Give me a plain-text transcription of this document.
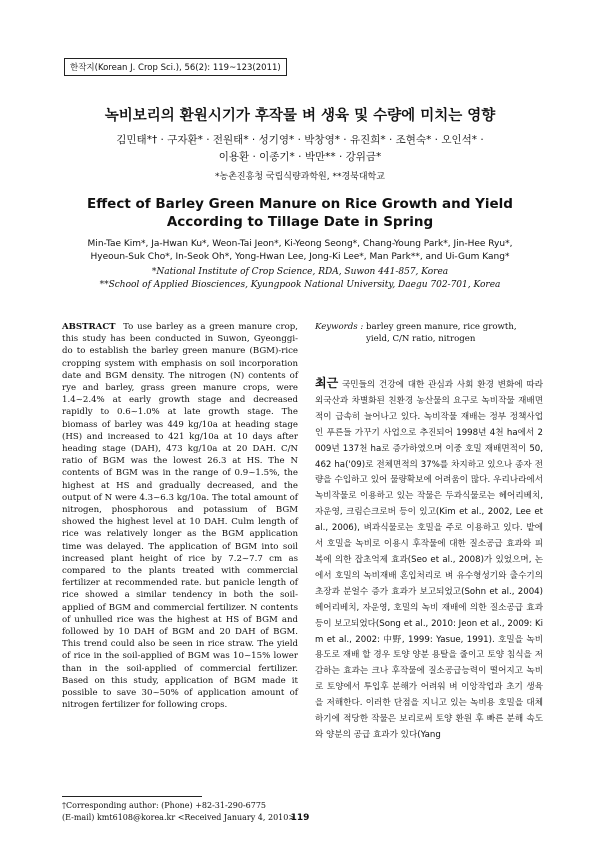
한작지(Korean J. Crop Sci.), 56(2): 119~123(2011)
녹비보리의 환원시기가 후작물 벼 생육 및 수량에 미치는 영향
김민태*† · 구자환* · 전원태* · 성기영* · 박창영* · 유진희* · 조현숙* · 오인석* ·
이용환 · 이종기* · 박만** · 강위금*
*농촌진흥청 국립식량과학원, **경북대학교
Effect of Barley Green Manure on Rice Growth and Yield
According to Tillage Date in Spring
Min-Tae Kim*, Ja-Hwan Ku*, Weon-Tai Jeon*, Ki-Yeong Seong*, Chang-Young Park*, Jin-Hee Ryu*,
Hyeoun-Suk Cho*, In-Seok Oh*, Yong-Hwan Lee, Jong-Ki Lee*, Man Park**, and Ui-Gum Kang*
*National Institute of Crop Science, RDA, Suwon 441-857, Korea
**School of Applied Biosciences, Kyungpook National University, Daegu 702-701, Korea
ABSTRACT To use barley as a green manure crop, this study has been conducted in Suwon, Gyeonggi-do to establish the barley green manure (BGM)-rice cropping system with emphasis on soil incorporation date and BGM density. The nitrogen (N) contents of rye and barley, grass green manure crops, were 1.4~2.4% at early growth stage and decreased rapidly to 0.6~1.0% at late growth stage. The biomass of barley was 449 kg/10a at heading stage (HS) and increased to 421 kg/10a at 10 days after heading stage (DAH), 473 kg/10a at 20 DAH. C/N ratio of BGM was the lowest 26.3 at HS. The N contents of BGM was in the range of 0.9~1.5%, the highest at HS and gradually decreased, and the output of N were 4.3~6.3 kg/10a. The total amount of nitrogen, phosphorous and potassium of BGM showed the highest level at 10 DAH. Culm length of rice was relatively longer as the BGM application time was delayed. The application of BGM into soil increased plant height of rice by 7.2~7.7 cm as compared to the plants treated with commercial fertilizer at recommended rate. but panicle length of rice showed a similar tendency in both the soil-applied of BGM and commercial fertilizer. N contents of unhulled rice was the highest at HS of BGM and followed by 10 DAH of BGM and 20 DAH of BGM. This trend could also be seen in rice straw. The yield of rice in the soil-applied of BGM was 10~15% lower than in the soil-applied of commercial fertilizer. Based on this study, application of BGM made it possible to save 30~50% of application amount of nitrogen fertilizer for following crops.
Keywords : barley green manure, rice growth, yield, C/N ratio, nitrogen
최근 국민들의 건강에 대한 관심과 사회 환경 변화에 따라 외국산과 차별화된 친환경 농산물의 요구로 녹비작물 재배면적이 급속히 늘어나고 있다. 녹비작물 재배는 정부 정책사업인 푸른들 가꾸기 사업으로 추진되어 1998년 4천 ha에서 2009년 137천 ha로 증가하였으며 이중 호밀 재배면적이 50,462 ha('09)로 전체면적의 37%를 차지하고 있으나 종자 전량을 수입하고 있어 물량확보에 어려움이 많다. 우리나라에서 녹비작물로 이용하고 있는 작물은 두과식물로는 헤어리베치, 자운영, 크림슨크로버 등이 있고(Kim et al., 2002, Lee et al., 2006), 벼과식물로는 호밀을 주로 이용하고 있다. 밭에서 호밀을 녹비로 이용시 후작물에 대한 질소공급 효과와 피복에 의한 잡초억제 효과(Seo et al., 2008)가 있었으며, 논에서 호밀의 녹비재배 혼입처리로 벼 유수형성기와 출수기의 초장과 분얼수 증가 효과가 보고되었고(Sohn et al., 2004) 헤어리베치, 자운영, 호밀의 녹비 재배에 의한 질소공급 효과 등이 보고되었다(Song et al., 2010: Jeon et al., 2009: Kim et al., 2002: 中野, 1999: Yasue, 1991). 호밀을 녹비 용도로 재배 할 경우 토양 양분 용탈을 줄이고 토양 침식을 저감하는 효과는 크나 후작물에 질소공급능력이 떨어지고 녹비로 토양에서 투입후 분해가 어려워 벼 이앙작업과 초기 생육을 저해한다. 이러한 단점을 지니고 있는 녹비용 호밀을 대체하기에 적당한 작물은 보리로써 토양 환원 후 빠른 분해 속도와 양분의 공급 효과가 있다(Yang
†Corresponding author: (Phone) +82-31-290-6775
(E-mail) kmt6108@korea.kr <Received January 4, 2010>
119
